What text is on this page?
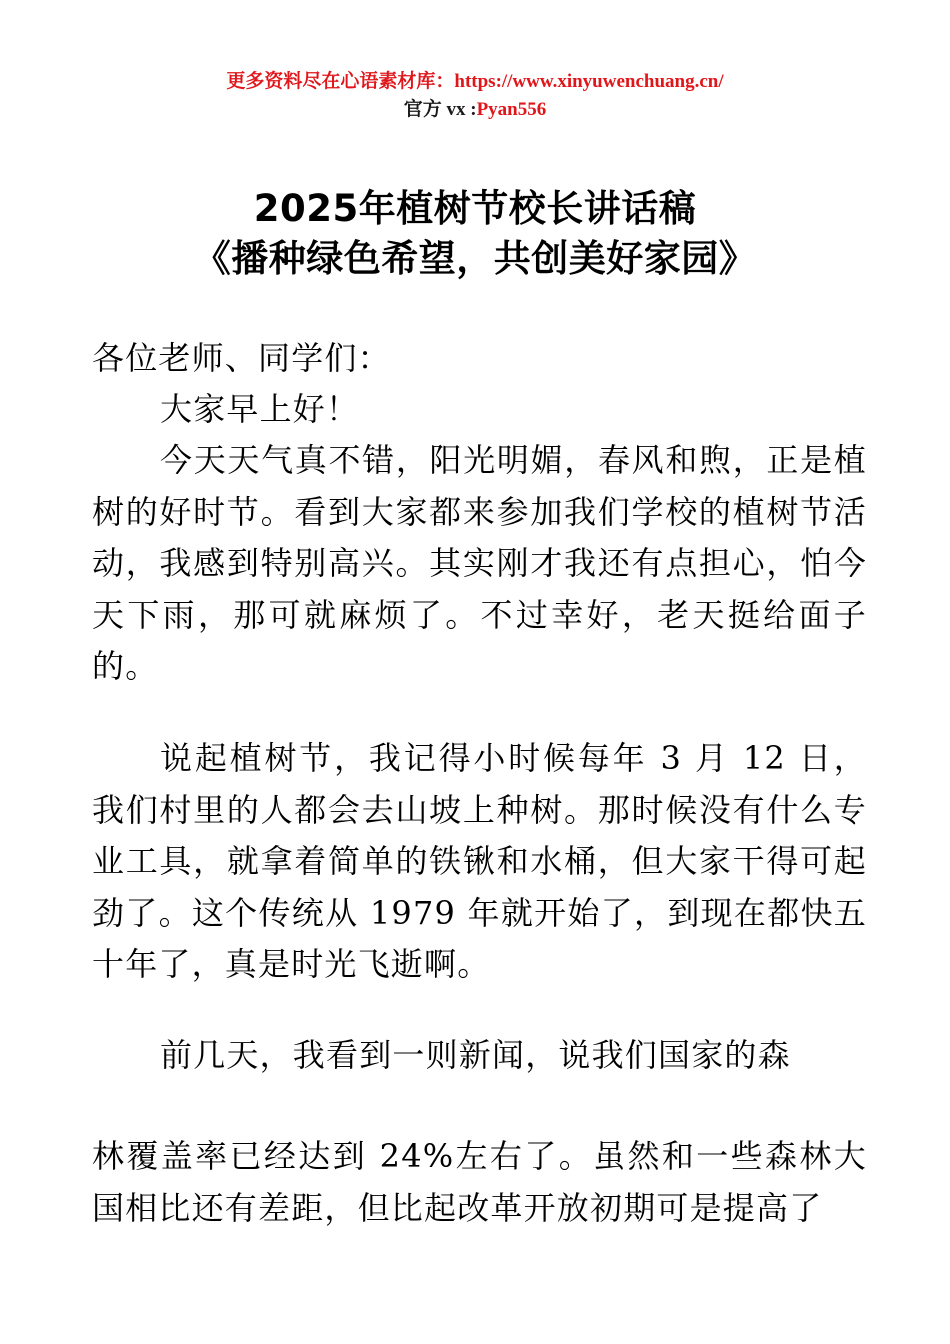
更多资料尽在心语素材库：https://www.xinyuwenchuang.cn/
官方 vx :Pyan556
2025年植树节校长讲话稿
《播种绿色希望，共创美好家园》

各位老师、同学们：

大家早上好！

今天天气真不错，阳光明媚，春风和煦，正是植树的好时节。看到大家都来参加我们学校的植树节活动，我感到特别高兴。其实刚才我还有点担心，怕今天下雨，那可就麻烦了。不过幸好，老天挺给面子的。

说起植树节，我记得小时候每年 3 月 12 日，我们村里的人都会去山坡上种树。那时候没有什么专业工具，就拿着简单的铁锹和水桶，但大家干得可起劲了。这个传统从 1979 年就开始了，到现在都快五十年了，真是时光飞逝啊。

前几天，我看到一则新闻，说我们国家的森

林覆盖率已经达到 24%左右了。虽然和一些森林大国相比还有差距，但比起改革开放初期可是提高了
